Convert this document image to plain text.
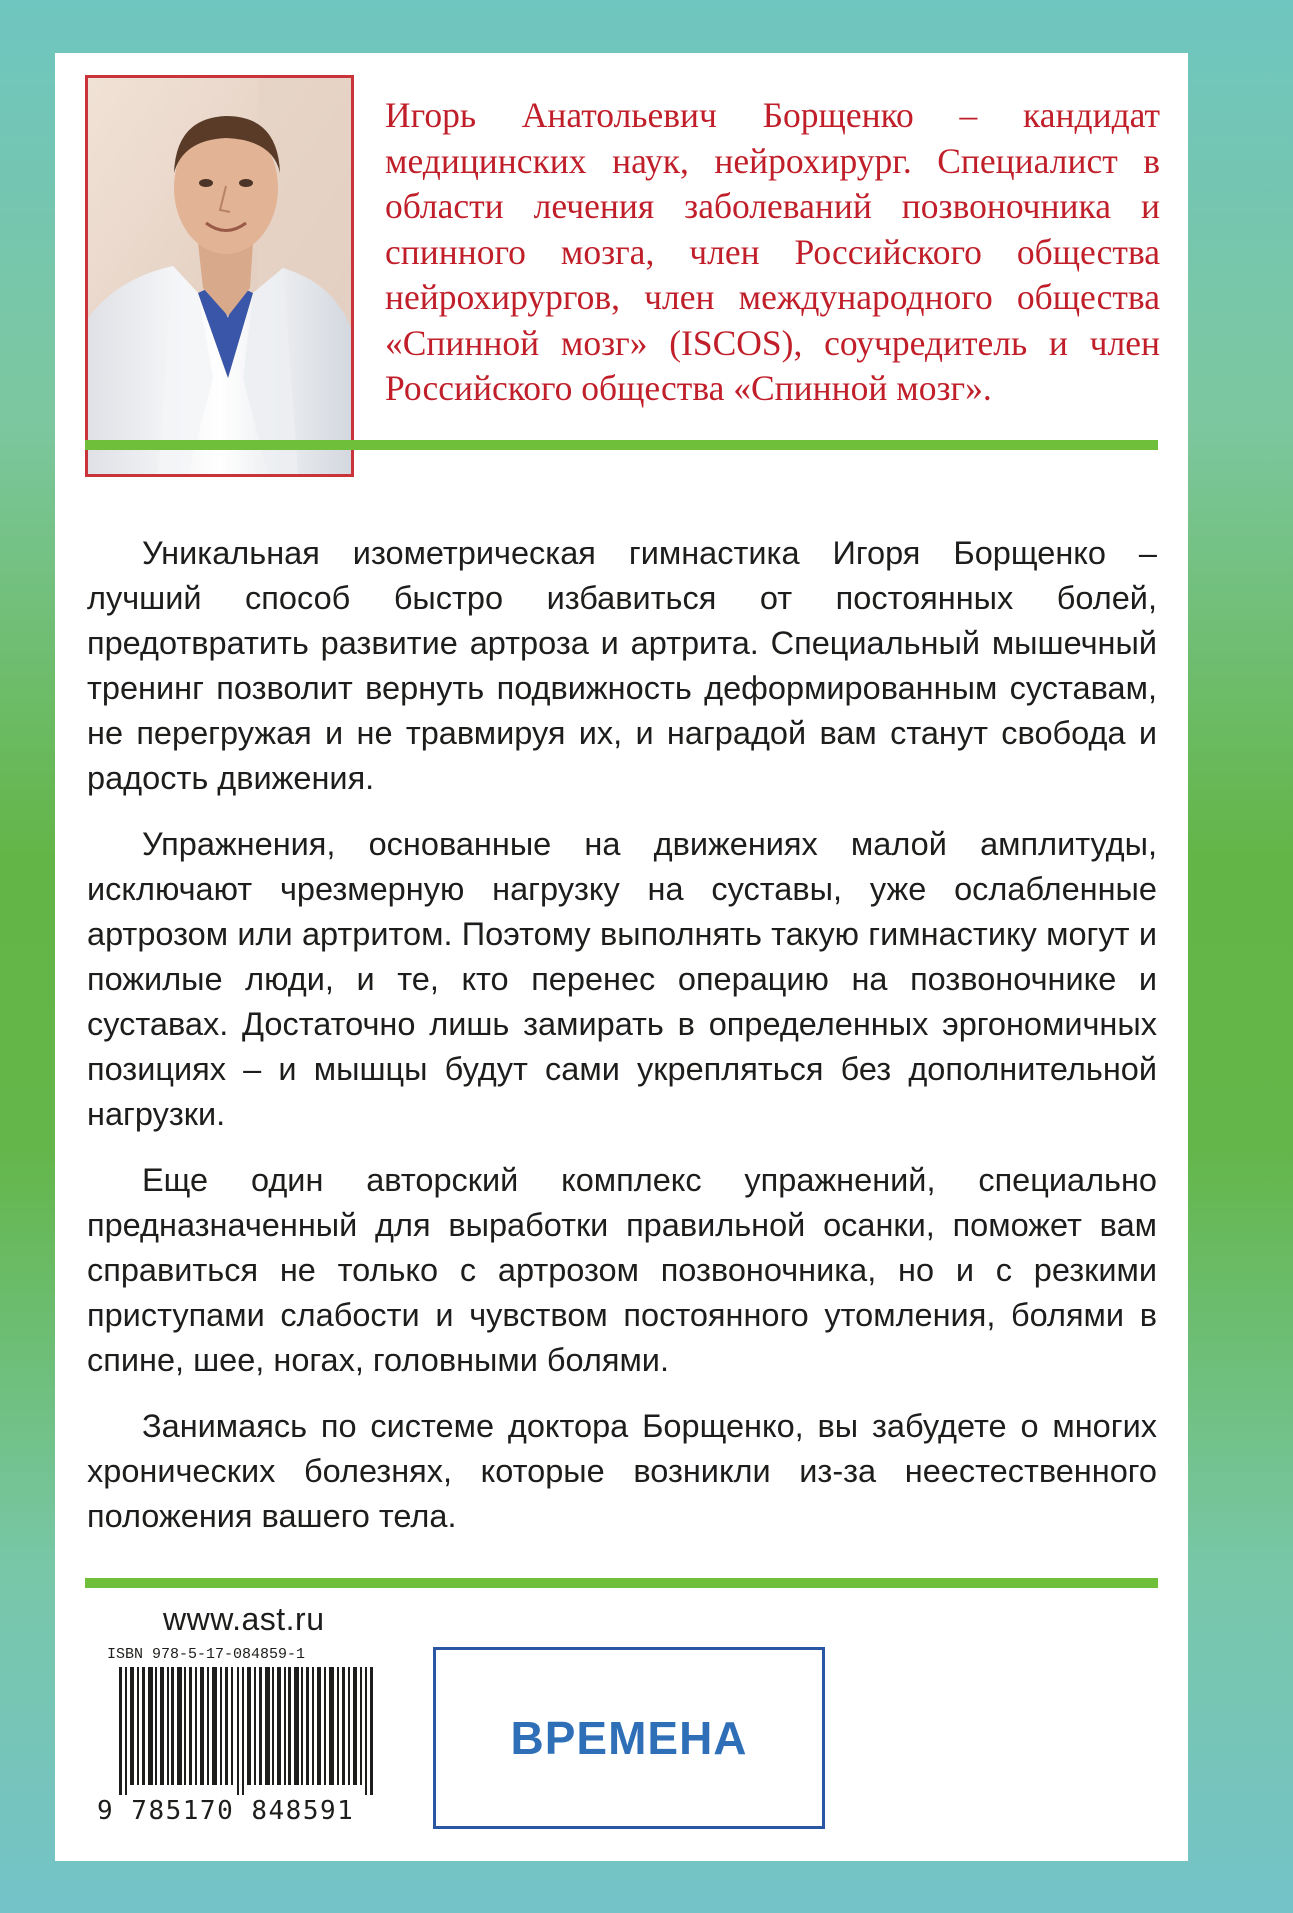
Игорь Анатольевич Борщенко – кандидат медицинских наук, нейрохирург. Специалист в области лечения заболеваний позвоночника и спинного мозга, член Российского общества нейрохирургов, член международного общества «Спинной мозг» (ISCOS), соучредитель и член Российского общества «Спинной мозг».

Уникальная изометрическая гимнастика Игоря Борщенко – лучший способ быстро избавиться от постоянных болей, предотвратить развитие артроза и артрита. Специальный мышечный тренинг позволит вернуть подвижность деформированным суставам, не перегружая и не травмируя их, и наградой вам станут свобода и радость движения.

Упражнения, основанные на движениях малой амплитуды, исключают чрезмерную нагрузку на суставы, уже ослабленные артрозом или артритом. Поэтому выполнять такую гимнастику могут и пожилые люди, и те, кто перенес операцию на позвоночнике и суставах. Достаточно лишь замирать в определенных эргономичных позициях – и мышцы будут сами укрепляться без дополнительной нагрузки.

Еще один авторский комплекс упражнений, специально предназначенный для выработки правильной осанки, поможет вам справиться не только с артрозом позвоночника, но и с резкими приступами слабости и чувством постоянного утомления, болями в спине, шее, ногах, головными болями.

Занимаясь по системе доктора Борщенко, вы забудете о многих хронических болезнях, которые возникли из-за неестественного положения вашего тела.

www.ast.ru
ISBN 978-5-17-084859-1
9 785170 848591
ВРЕМЕНА
